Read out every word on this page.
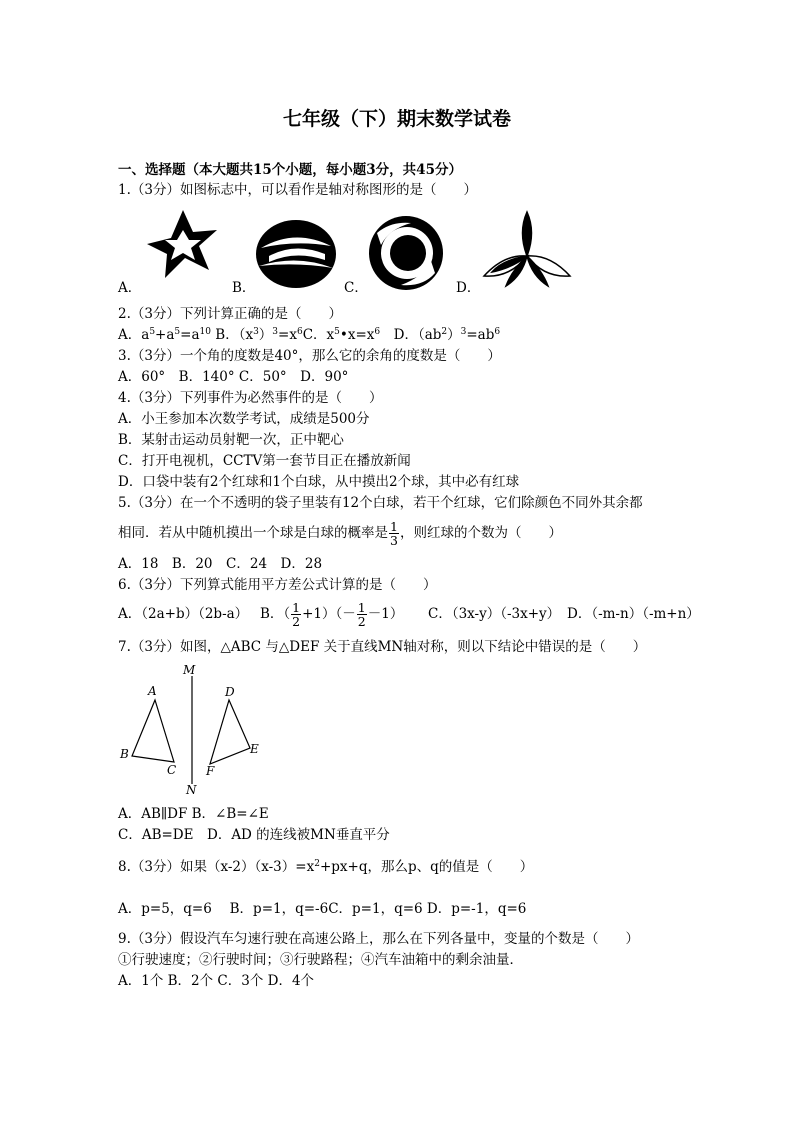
七年级（下）期末数学试卷
一、选择题（本大题共15个小题，每小题3分，共45分）
1.（3分）如图标志中，可以看作是轴对称图形的是（　　）
A．	B．	C．	D．
2.（3分）下列计算正确的是（　　）
A．$a^5+a^5=a^{10}$ B．$(x^3)^3=x^6C$．$x^5•x=x^6$　D．$(ab^2)^3=ab^6$
3.（3分）一个角的度数是40°，那么它的余角的度数是（　　）
A．60°　B．140° C．50°　D．90°
4.（3分）下列事件为必然事件的是（　　）
A．小王参加本次数学考试，成绩是500分
B．某射击运动员射靶一次，正中靶心
C．打开电视机，CCTV第一套节目正在播放新闻
D．口袋中装有2个红球和1个白球，从中摸出2个球，其中必有红球
5.（3分）在一个不透明的袋子里装有12个白球，若干个红球，它们除颜色不同外其余都
相同．若从中随机摸出一个球是白球的概率是 $\frac{1}{3}$ ，则红球的个数为（　　）
A．18　B．20　C．24　D．28
6.（3分）下列算式能用平方差公式计算的是（　　）
A．（2a+b）（2b-a） B．（ $\frac{1}{2} +1)(- \frac{1}{2} -1)$ C．（3x-y）（-3x+y） D．（-m-n）（-m+n）
7.（3分）如图，△ABC 与△DEF 关于直线MN轴对称，则以下结论中错误的是（　　）
M
N
A
B
C
D
E
F
A．AB∥DF B．∠B=∠E
C．AB=DE　D．AD 的连线被MN垂直平分
8.（3分）如果$(x-2)(x-3)=x^2+px+q$，那么p、q的值是（　　）
A．p=5，q=6　 B．p=1，q=-6C．p=1，q=6 D．p=-1，q=6
9.（3分）假设汽车匀速行驶在高速公路上，那么在下列各量中，变量的个数是（　　）
①行驶速度；②行驶时间；③行驶路程；④汽车油箱中的剩余油量．
A．1个 B．2个 C．3个 D．4个
